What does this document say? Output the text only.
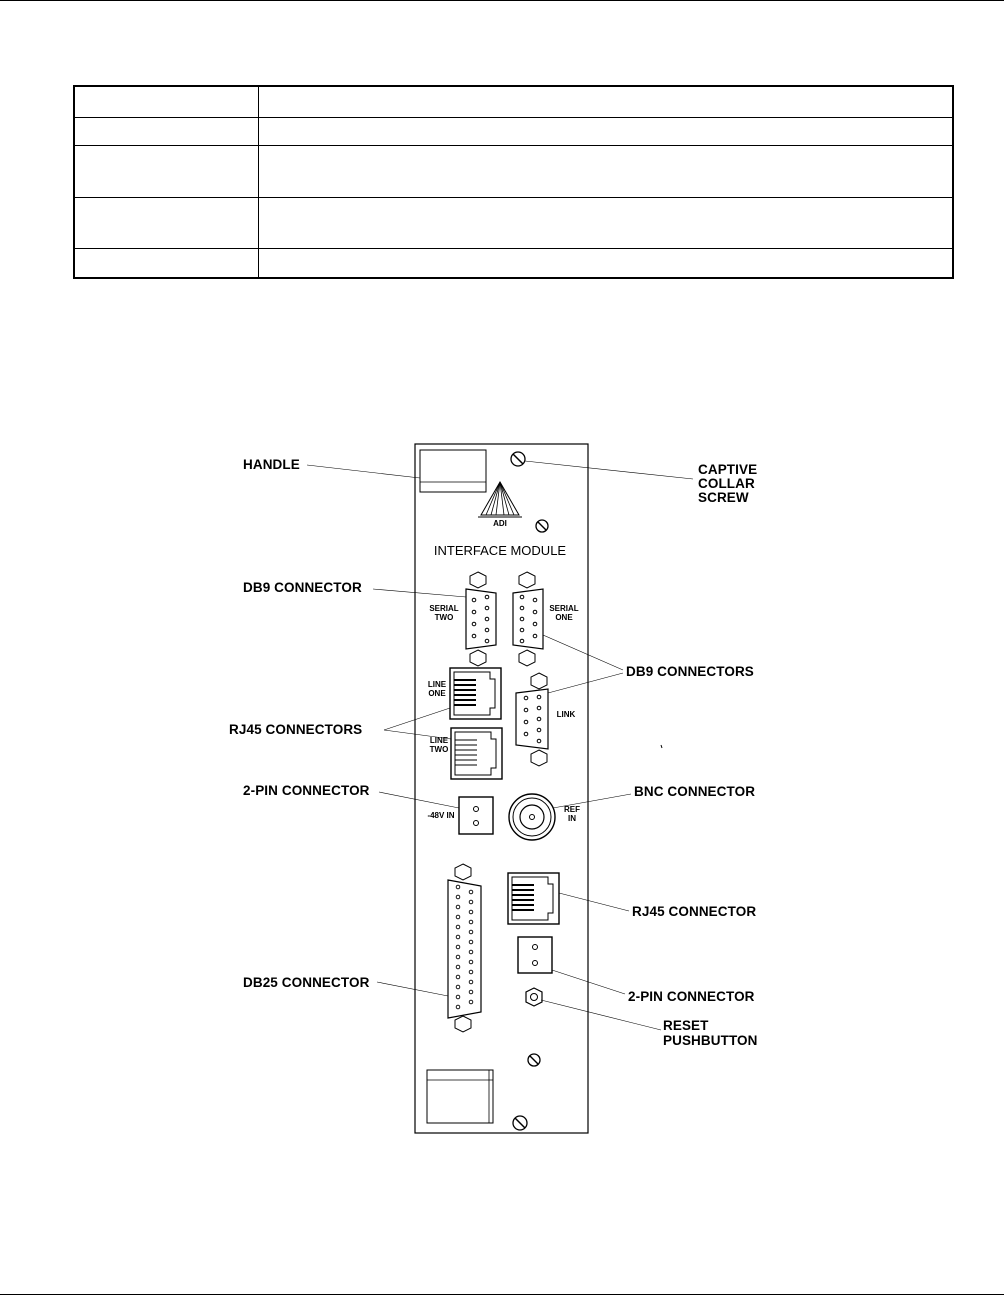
ADI
INTERFACE MODULE
SERIAL
TWO
SERIAL
ONE
LINE
ONE
LINE
TWO
LINK
-48V IN
REF
IN
HANDLE	CAPTIVE
COLLAR
SCREW
DB9 CONNECTOR
DB9 CONNECTORS
RJ45 CONNECTORS
2-PIN CONNECTOR	BNC CONNECTOR
RJ45 CONNECTOR
DB25 CONNECTOR
2-PIN CONNECTOR
RESET
PUSHBUTTON
